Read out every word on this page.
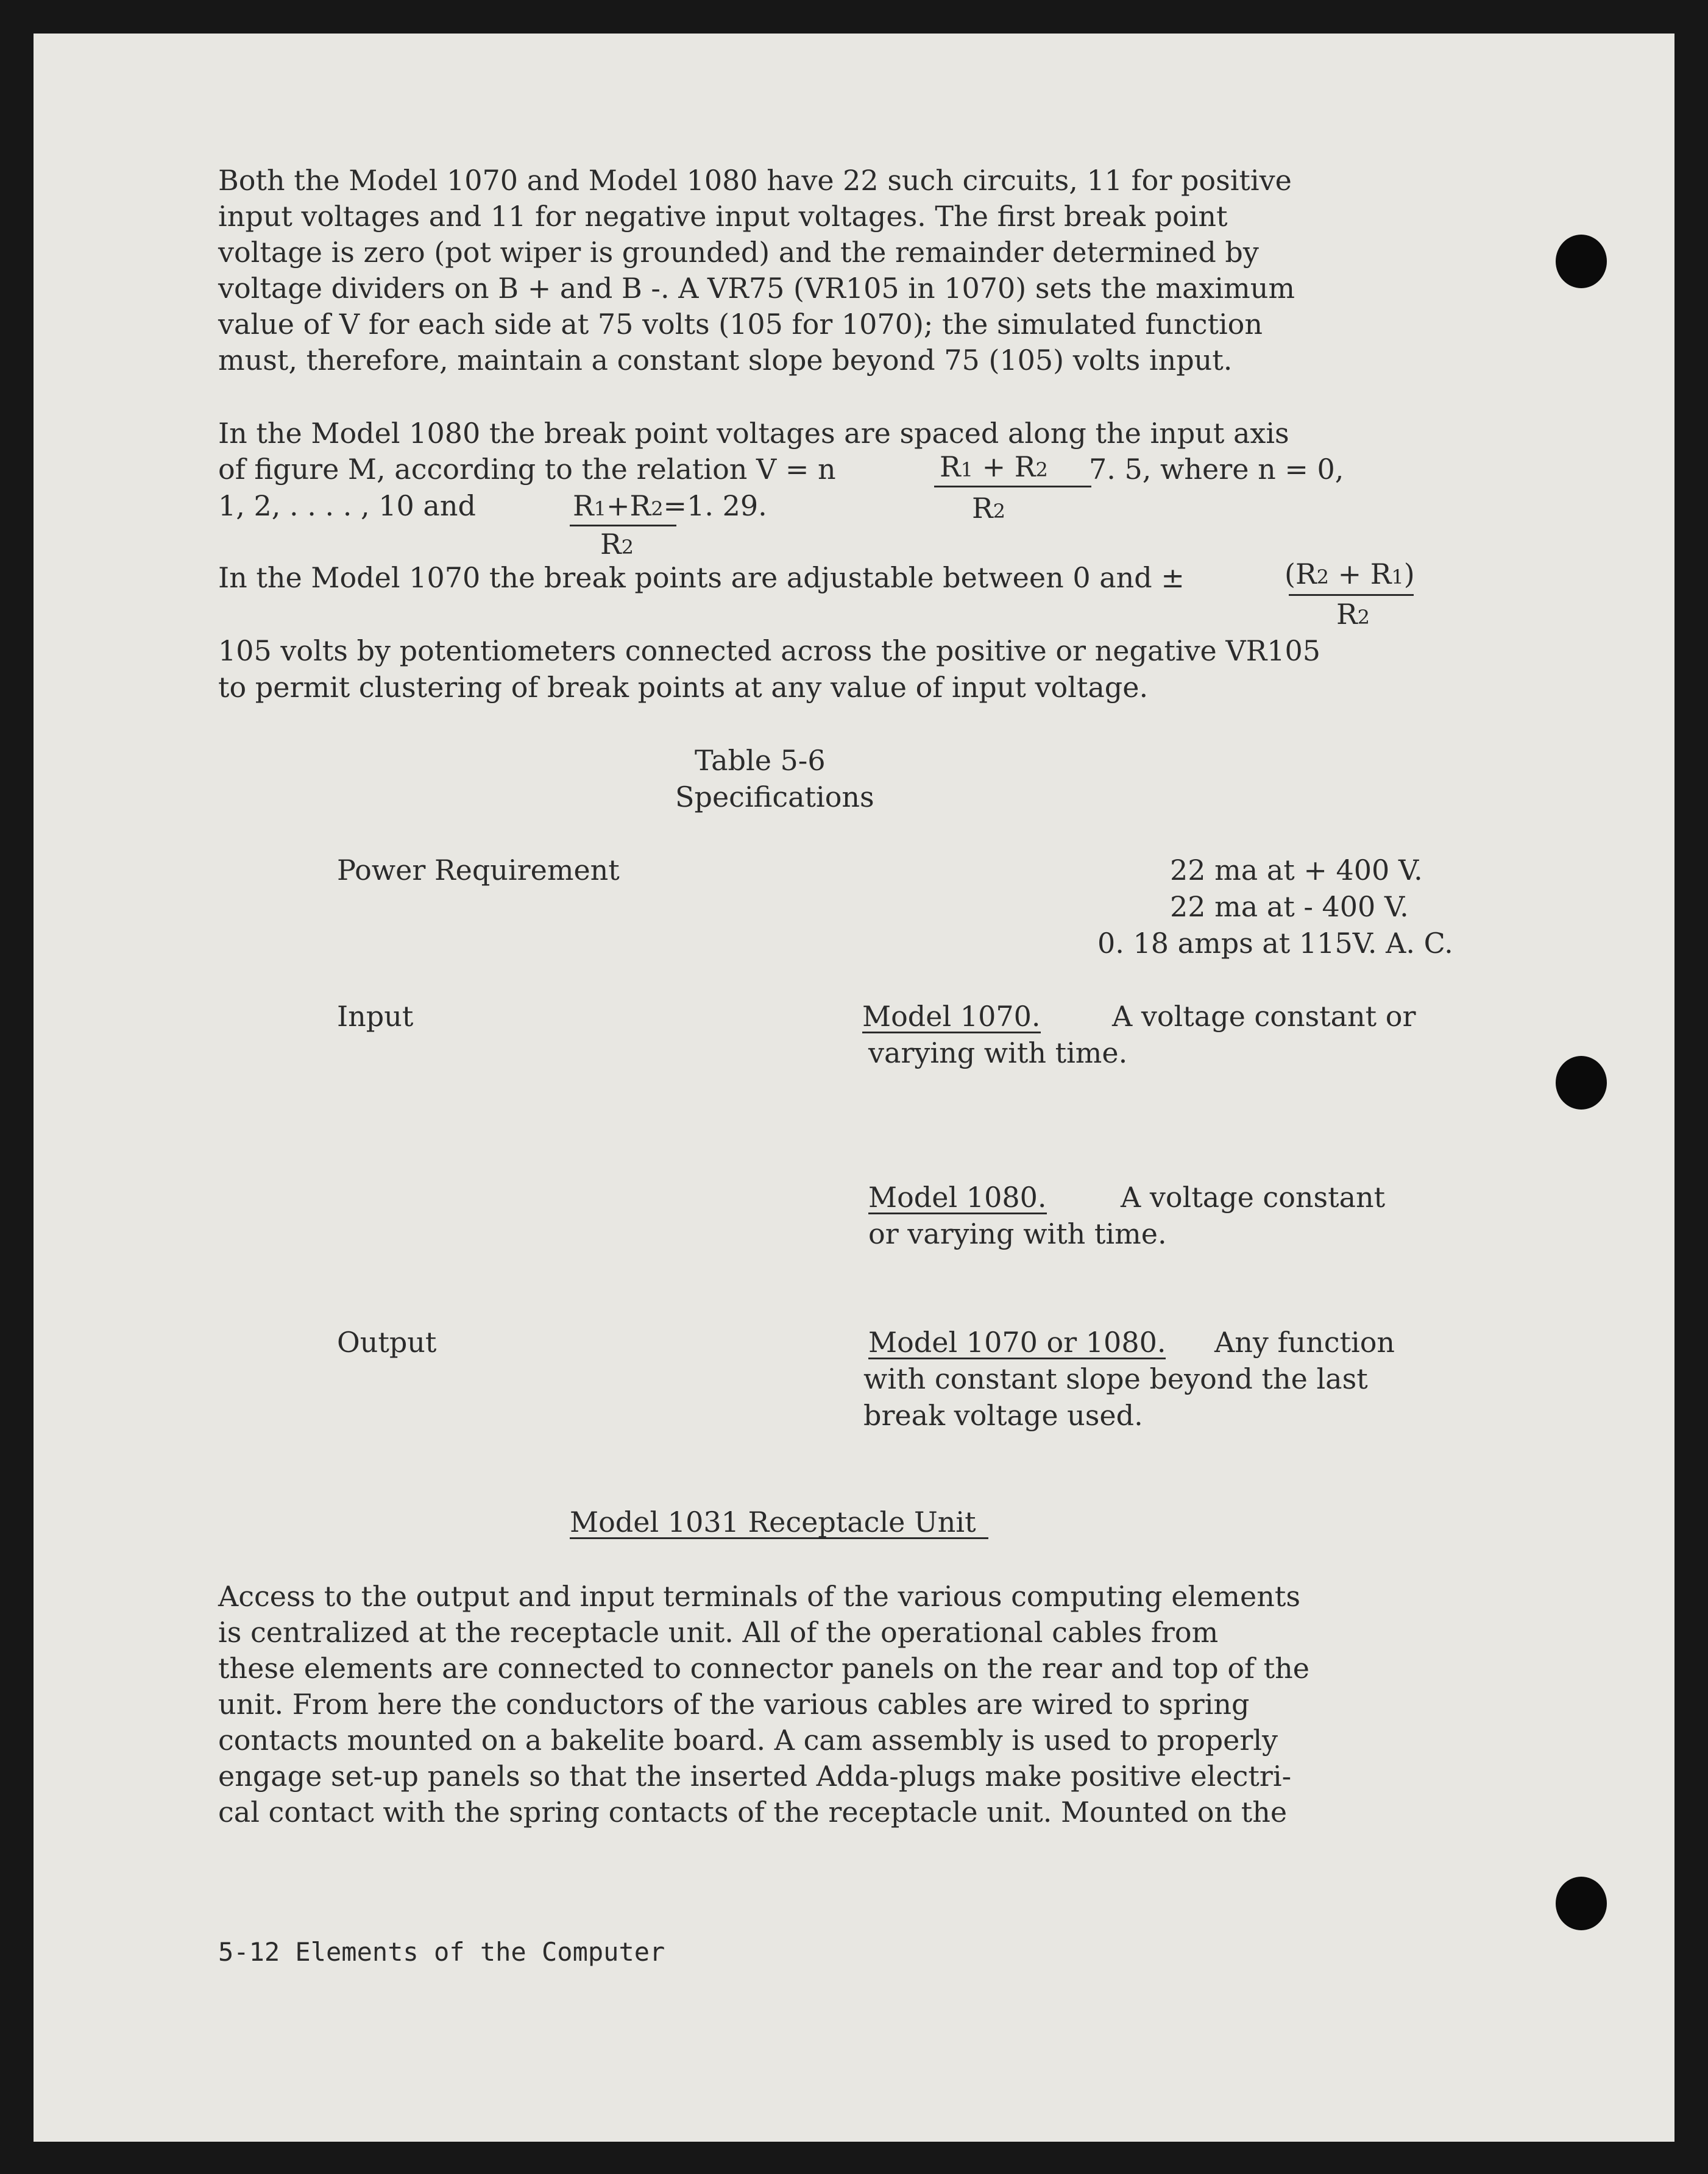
Both the Model 1070 and Model 1080 have 22 such circuits, 11 for positive
input voltages and 11 for negative input voltages. The first break point
voltage is zero (pot wiper is grounded) and the remainder determined by
voltage dividers on B + and B -. A VR75 (VR105 in 1070) sets the maximum
value of V for each side at 75 volts (105 for 1070); the simulated function
must, therefore, maintain a constant slope beyond 75 (105) volts input.
In the Model 1080 the break point voltages are spaced along the input axis
of figure M, according to the relation V = n	R1 + R2
R2
7. 5, where n = 0,
1, 2, . . . . , 10 and	R1+R2=1. 29.
R2
In the Model 1070 the break points are adjustable between 0 and ±	(R2 + R1)
R2
105 volts by potentiometers connected across the positive or negative VR105
to permit clustering of break points at any value of input voltage.
Table 5-6
Specifications
Power Requirement	22 ma at + 400 V.
22 ma at - 400 V.
0. 18 amps at 115V. A. C.
Input	Model 1070.	A voltage constant or
varying with time.
Model 1080.	A voltage constant
or varying with time.
Output	Model 1070 or 1080. Any function
with constant slope beyond the last
break voltage used.
Model 1031 Receptacle Unit
Access to the output and input terminals of the various computing elements
is centralized at the receptacle unit. All of the operational cables from
these elements are connected to connector panels on the rear and top of the
unit. From here the conductors of the various cables are wired to spring
contacts mounted on a bakelite board. A cam assembly is used to properly
engage set-up panels so that the inserted Adda-plugs make positive electri-
cal contact with the spring contacts of the receptacle unit. Mounted on the
5-12 Elements of the Computer
